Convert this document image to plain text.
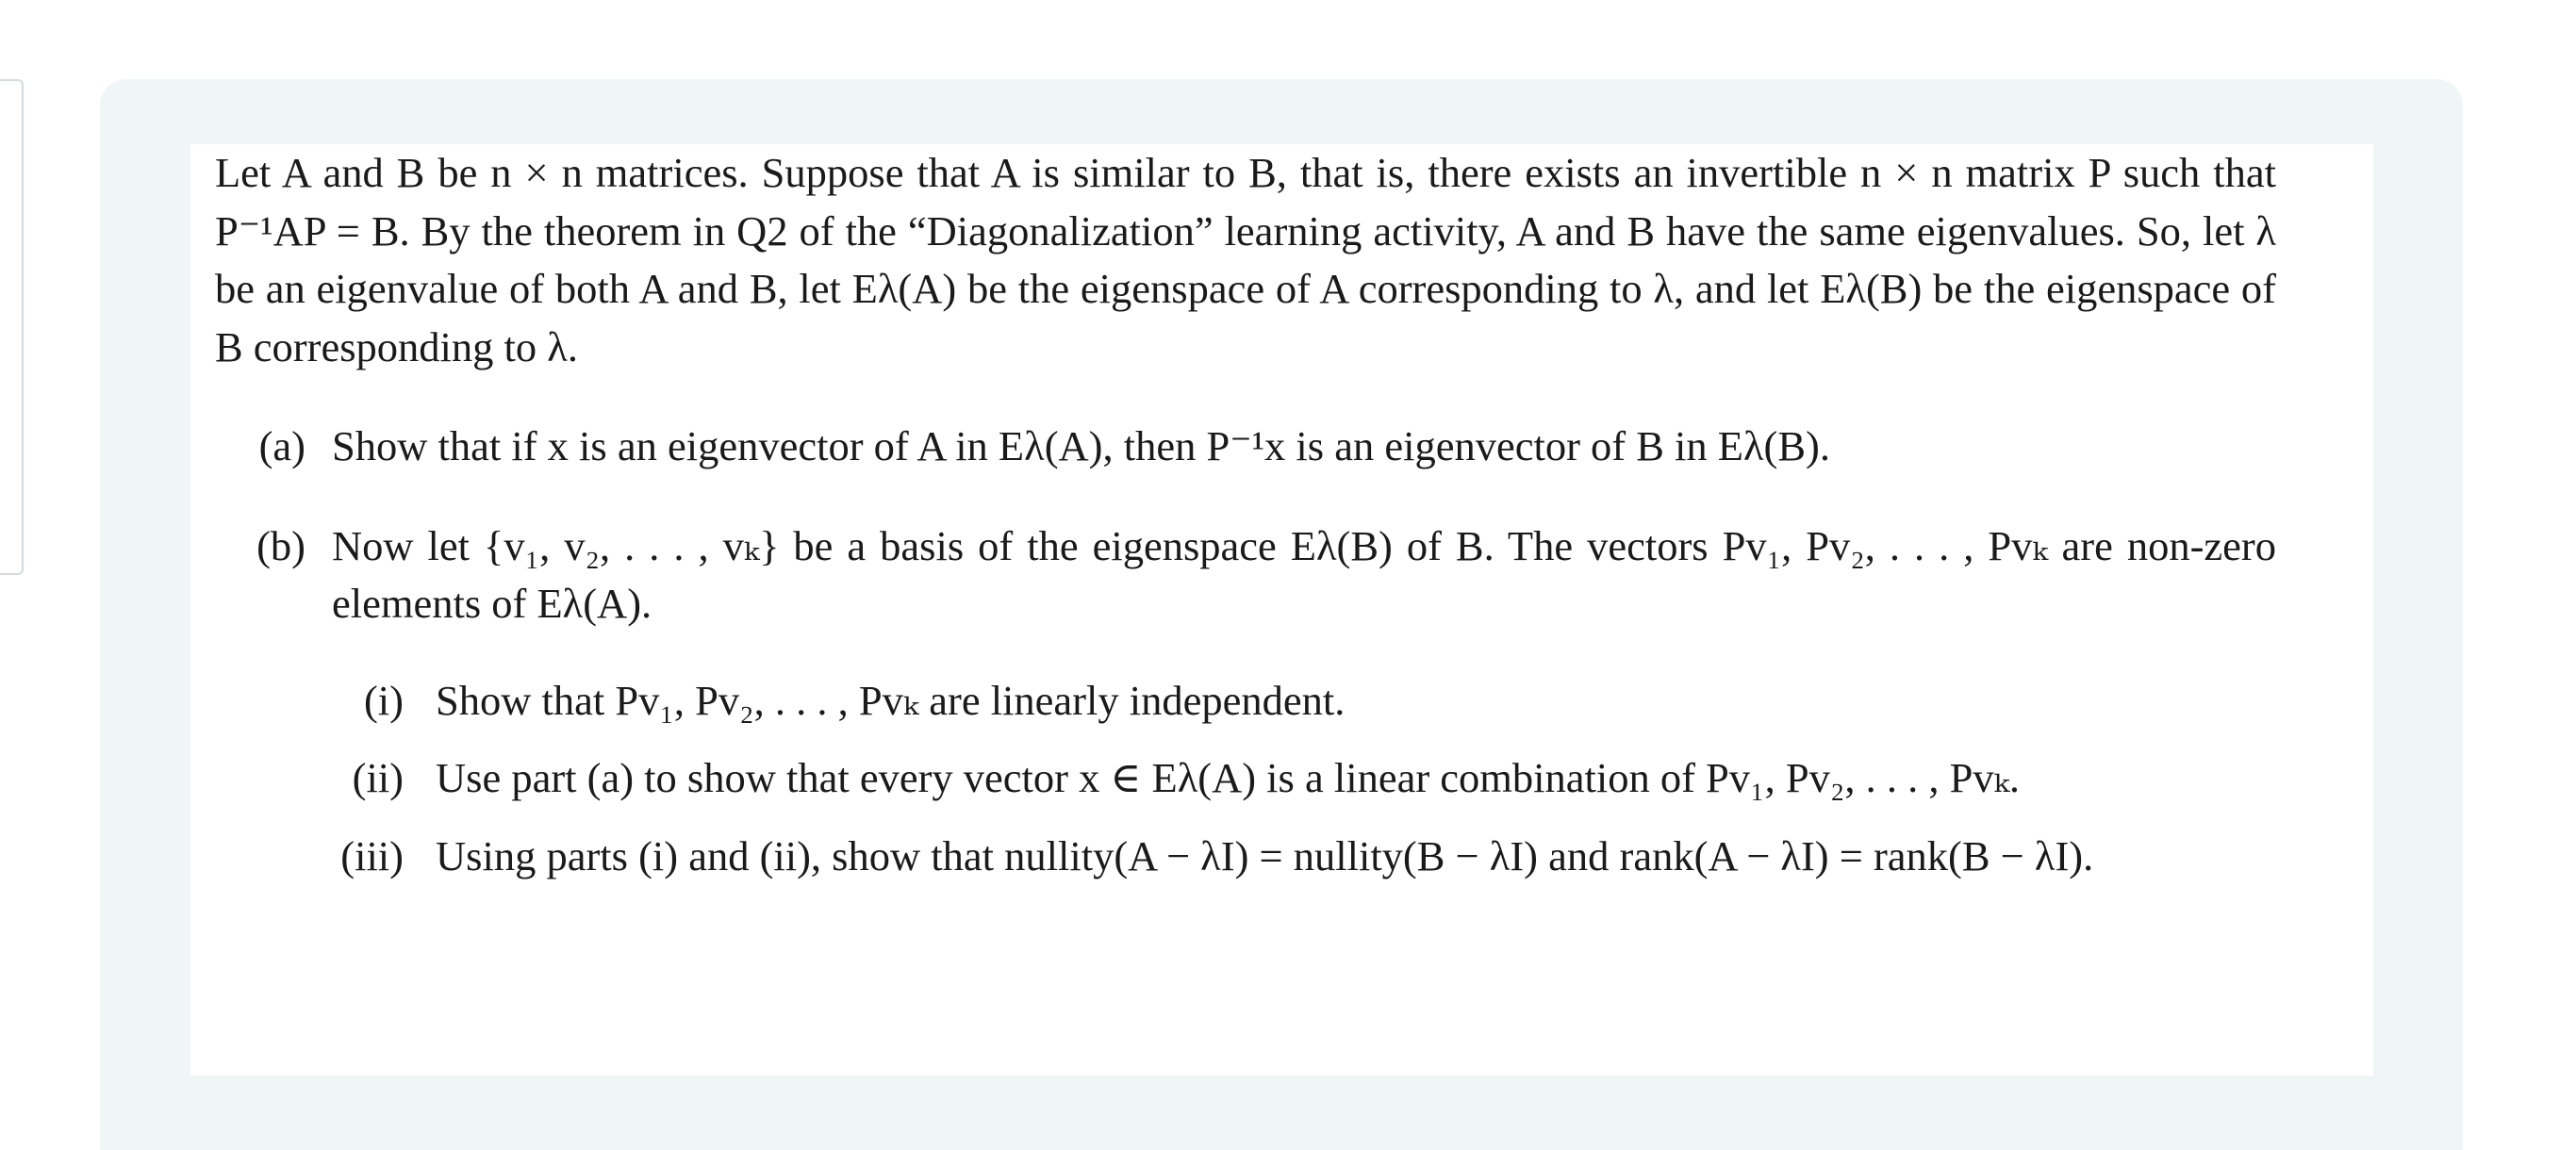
Let A and B be n × n matrices. Suppose that A is similar to B, that is, there exists an invertible n × n matrix P such that P⁻¹AP = B. By the theorem in Q2 of the “Diagonalization” learning activity, A and B have the same eigenvalues. So, let λ be an eigenvalue of both A and B, let Eλ(A) be the eigenspace of A corresponding to λ, and let Eλ(B) be the eigenspace of B corresponding to λ.

(a) Show that if x is an eigenvector of A in Eλ(A), then P⁻¹x is an eigenvector of B in Eλ(B).
(b) Now let {v₁, v₂, . . . , vₖ} be a basis of the eigenspace Eλ(B) of B. The vectors Pv₁, Pv₂, . . . , Pvₖ are non-zero elements of Eλ(A).
(i) Show that Pv₁, Pv₂, . . . , Pvₖ are linearly independent.
(ii) Use part (a) to show that every vector x ∈ Eλ(A) is a linear combination of Pv₁, Pv₂, . . . , Pvₖ.
(iii) Using parts (i) and (ii), show that nullity(A − λI) = nullity(B − λI) and rank(A − λI) = rank(B − λI).
